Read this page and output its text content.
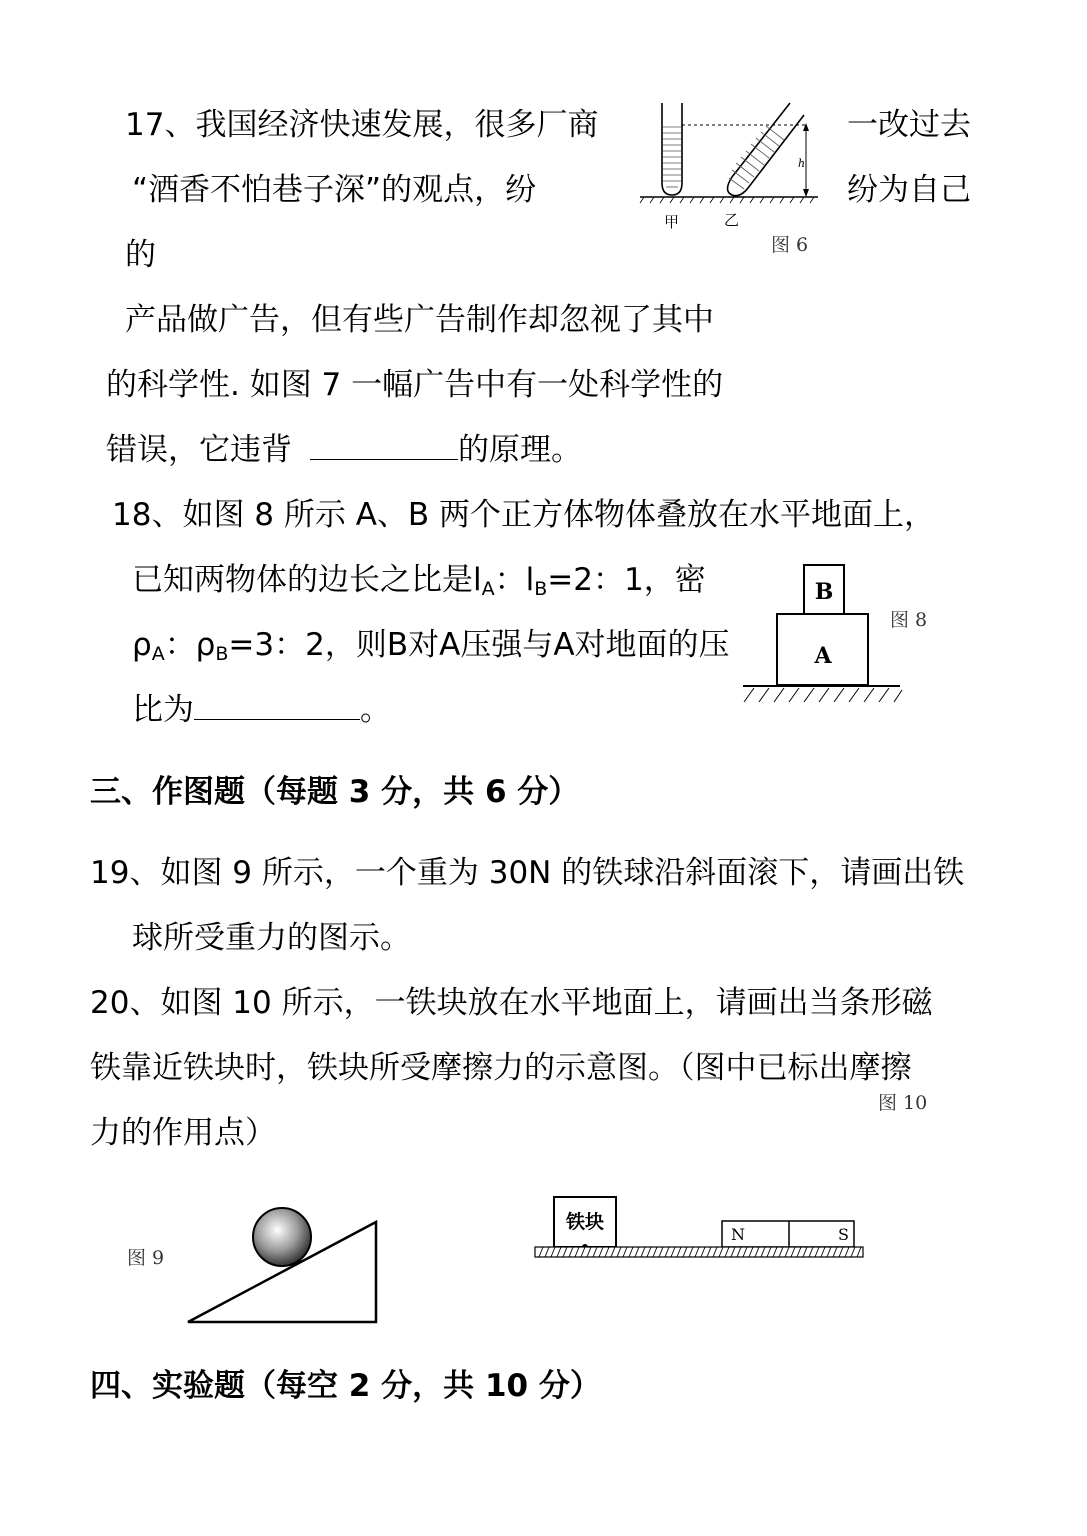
17、我国经济快速发展，很多厂商	一改过去
“酒香不怕巷子深”的观点，纷	纷为自己
的
产品做广告，但有些广告制作却忽视了其中
的科学性. 如图 7 一幅广告中有一处科学性的
错误，它违背	的原理。
h
甲	乙
图 6
18、如图 8 所示 A、B 两个正方体物体叠放在水平地面上，
已知两物体的边长之比是$l_A$：$l_B=2$：1，密
$\rho_A$：$\rho_B=3$：2，则B对A压强与A对地面的压
比为	。
B
A
图 8
三、作图题（每题 3 分，共 6 分）
19、如图 9 所示，一个重为 30N 的铁球沿斜面滚下，请画出铁
球所受重力的图示。
20、如图 10 所示，一铁块放在水平地面上，请画出当条形磁
铁靠近铁块时，铁块所受摩擦力的示意图。（图中已标出摩擦
力的作用点）
图 10
图 9
铁块
N	S
四、实验题（每空 2 分，共 10 分）
